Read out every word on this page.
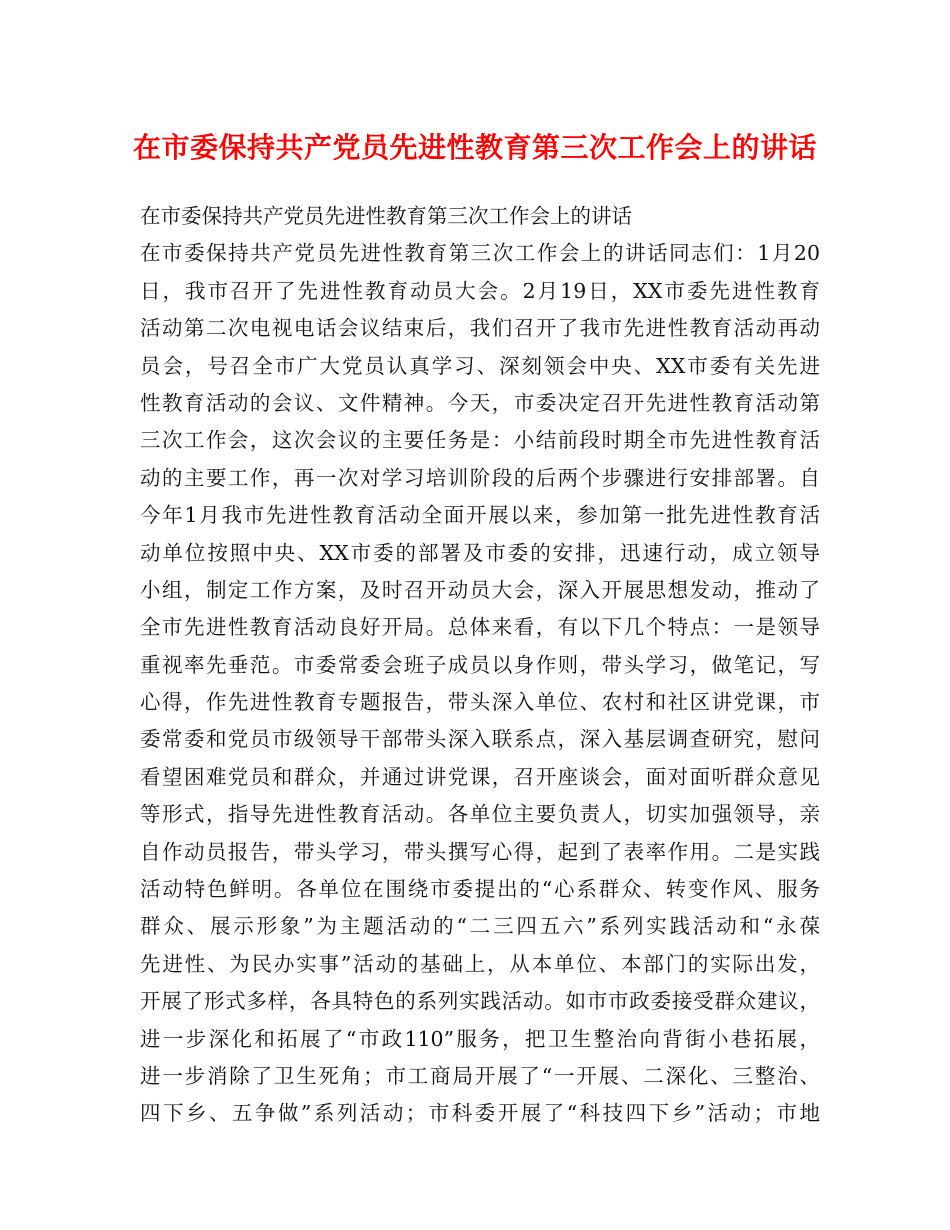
在市委保持共产党员先进性教育第三次工作会上的讲话
在市委保持共产党员先进性教育第三次工作会上的讲话
在市委保持共产党员先进性教育第三次工作会上的讲话同志们：1月20
日，我市召开了先进性教育动员大会。2月19日，XX市委先进性教育
活动第二次电视电话会议结束后，我们召开了我市先进性教育活动再动
员会，号召全市广大党员认真学习、深刻领会中央、XX市委有关先进
性教育活动的会议、文件精神。今天，市委决定召开先进性教育活动第
三次工作会，这次会议的主要任务是：小结前段时期全市先进性教育活
动的主要工作，再一次对学习培训阶段的后两个步骤进行安排部署。自
今年1月我市先进性教育活动全面开展以来，参加第一批先进性教育活
动单位按照中央、XX市委的部署及市委的安排，迅速行动，成立领导
小组，制定工作方案，及时召开动员大会，深入开展思想发动，推动了
全市先进性教育活动良好开局。总体来看，有以下几个特点：一是领导
重视率先垂范。市委常委会班子成员以身作则，带头学习，做笔记，写
心得，作先进性教育专题报告，带头深入单位、农村和社区讲党课，市
委常委和党员市级领导干部带头深入联系点，深入基层调查研究，慰问
看望困难党员和群众，并通过讲党课，召开座谈会，面对面听群众意见
等形式，指导先进性教育活动。各单位主要负责人，切实加强领导，亲
自作动员报告，带头学习，带头撰写心得，起到了表率作用。二是实践
活动特色鲜明。各单位在围绕市委提出的“心系群众、转变作风、服务
群众、展示形象”为主题活动的“二三四五六”系列实践活动和“永葆
先进性、为民办实事”活动的基础上，从本单位、本部门的实际出发，
开展了形式多样，各具特色的系列实践活动。如市市政委接受群众建议，
进一步深化和拓展了“市政110”服务，把卫生整治向背街小巷拓展，
进一步消除了卫生死角；市工商局开展了“一开展、二深化、三整治、
四下乡、五争做”系列活动；市科委开展了“科技四下乡”活动；市地
